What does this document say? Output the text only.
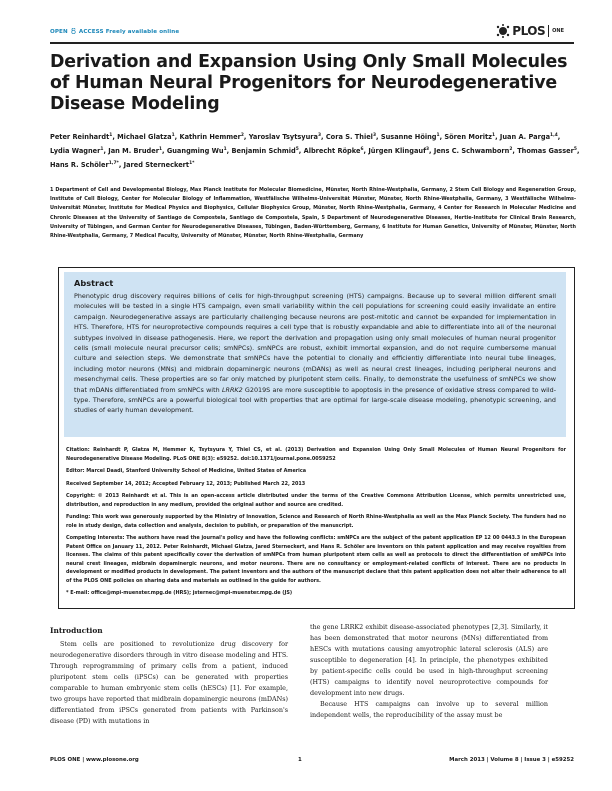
OPEN ACCESS Freely available online	PLOS ONE
Derivation and Expansion Using Only Small Molecules of Human Neural Progenitors for Neurodegenerative Disease Modeling
Peter Reinhardt$^1$, Michael Glatza$^1$, Kathrin Hemmer$^2$, Yaroslav Tsytsyura$^3$, Cora S. Thiel$^3$, Susanne Höing$^1$, Sören Moritz$^1$, Juan A. Parga$^{1,4}$, Lydia Wagner$^1$, Jan M. Bruder$^1$, Guangming Wu$^1$, Benjamin Schmid$^5$, Albrecht Röpke$^6$, Jürgen Klingauf$^3$, Jens C. Schwamborn$^2$, Thomas Gasser$^5$, Hans R. Schöler$^{1,7*}$, Jared Sterneckert$^{1*}$
1 Department of Cell and Developmental Biology, Max Planck Institute for Molecular Biomedicine, Münster, North Rhine-Westphalia, Germany, 2 Stem Cell Biology and Regeneration Group, Institute of Cell Biology, Center for Molecular Biology of Inflammation, Westfälische Wilhelms-Universität Münster, Münster, North Rhine-Westphalia, Germany, 3 Westfälische Wilhelms-Universität Münster, Institute for Medical Physics and Biophysics, Cellular Biophysics Group, Münster, North Rhine-Westphalia, Germany, 4 Center for Research in Molecular Medicine and Chronic Diseases at the University of Santiago de Compostela, Santiago de Compostela, Spain, 5 Department of Neurodegenerative Diseases, Hertie-Institute for Clinical Brain Research, University of Tübingen, and German Center for Neurodegenerative Diseases, Tübingen, Baden-Württemberg, Germany, 6 Institute for Human Genetics, University of Münster, Münster, North Rhine-Westphalia, Germany, 7 Medical Faculty, University of Münster, Münster, North Rhine-Westphalia, Germany
Abstract

Phenotypic drug discovery requires billions of cells for high-throughput screening (HTS) campaigns. Because up to several million different small molecules will be tested in a single HTS campaign, even small variability within the cell populations for screening could easily invalidate an entire campaign. Neurodegenerative assays are particularly challenging because neurons are post-mitotic and cannot be expanded for implementation in HTS. Therefore, HTS for neuroprotective compounds requires a cell type that is robustly expandable and able to differentiate into all of the neuronal subtypes involved in disease pathogenesis. Here, we report the derivation and propagation using only small molecules of human neural progenitor cells (small molecule neural precursor cells; smNPCs). smNPCs are robust, exhibit immortal expansion, and do not require cumbersome manual culture and selection steps. We demonstrate that smNPCs have the potential to clonally and efficiently differentiate into neural tube lineages, including motor neurons (MNs) and midbrain dopaminergic neurons (mDANs) as well as neural crest lineages, including peripheral neurons and mesenchymal cells. These properties are so far only matched by pluripotent stem cells. Finally, to demonstrate the usefulness of smNPCs we show that mDANs differentiated from smNPCs with LRRK2 G2019S are more susceptible to apoptosis in the presence of oxidative stress compared to wild-type. Therefore, smNPCs are a powerful biological tool with properties that are optimal for large-scale disease modeling, phenotypic screening, and studies of early human development.

Citation: Reinhardt P, Glatza M, Hemmer K, Tsytsyura Y, Thiel CS, et al. (2013) Derivation and Expansion Using Only Small Molecules of Human Neural Progenitors for Neurodegenerative Disease Modeling. PLoS ONE 8(3): e59252. doi:10.1371/journal.pone.0059252

Editor: Marcel Daadi, Stanford University School of Medicine, United States of America

Received September 14, 2012; Accepted February 12, 2013; Published March 22, 2013

Copyright: © 2013 Reinhardt et al. This is an open-access article distributed under the terms of the Creative Commons Attribution License, which permits unrestricted use, distribution, and reproduction in any medium, provided the original author and source are credited.

Funding: This work was generously supported by the Ministry of Innovation, Science and Research of North Rhine-Westphalia as well as the Max Planck Society. The funders had no role in study design, data collection and analysis, decision to publish, or preparation of the manuscript.

Competing Interests: The authors have read the journal's policy and have the following conflicts: smNPCs are the subject of the patent application EP 12 00 0443.3 in the European Patent Office on January 11, 2012. Peter Reinhardt, Michael Glatza, Jared Sterneckert, and Hans R. Schöler are inventors on this patent application and may receive royalties from licenses. The claims of this patent specifically cover the derivation of smNPCs from human pluripotent stem cells as well as protocols to direct the differentiation of smNPCs into neural crest lineages, midbrain dopaminergic neurons, and motor neurons. There are no consultancy or employment-related conflicts of interest. There are no products in development or modified products in development. The patent inventors and the authors of the manuscript declare that this patent application does not alter their adherence to all of the PLOS ONE policies on sharing data and materials as outlined in the guide for authors.

* E-mail: office@mpi-muenster.mpg.de (HRS); jsternec@mpi-muenster.mpg.de (JS)

Introduction

Stem cells are positioned to revolutionize drug discovery for neurodegenerative disorders through in vitro disease modeling and HTS. Through reprogramming of primary cells from a patient, induced pluripotent stem cells (iPSCs) can be generated with properties comparable to human embryonic stem cells (hESCs) [1]. For example, two groups have reported that midbrain dopaminergic neurons (mDANs) differentiated from iPSCs generated from patients with Parkinson's disease (PD) with mutations in

the gene LRRK2 exhibit disease-associated phenotypes [2,3]. Similarly, it has been demonstrated that motor neurons (MNs) differentiated from hESCs with mutations causing amyotrophic lateral sclerosis (ALS) are susceptible to degeneration [4]. In principle, the phenotypes exhibited by patient-specific cells could be used in high-throughput screening (HTS) campaigns to identify novel neuroprotective compounds for development into new drugs.

Because HTS campaigns can involve up to several million independent wells, the reproducibility of the assay must be

PLOS ONE | www.plosone.org	1	March 2013 | Volume 8 | Issue 3 | e59252
